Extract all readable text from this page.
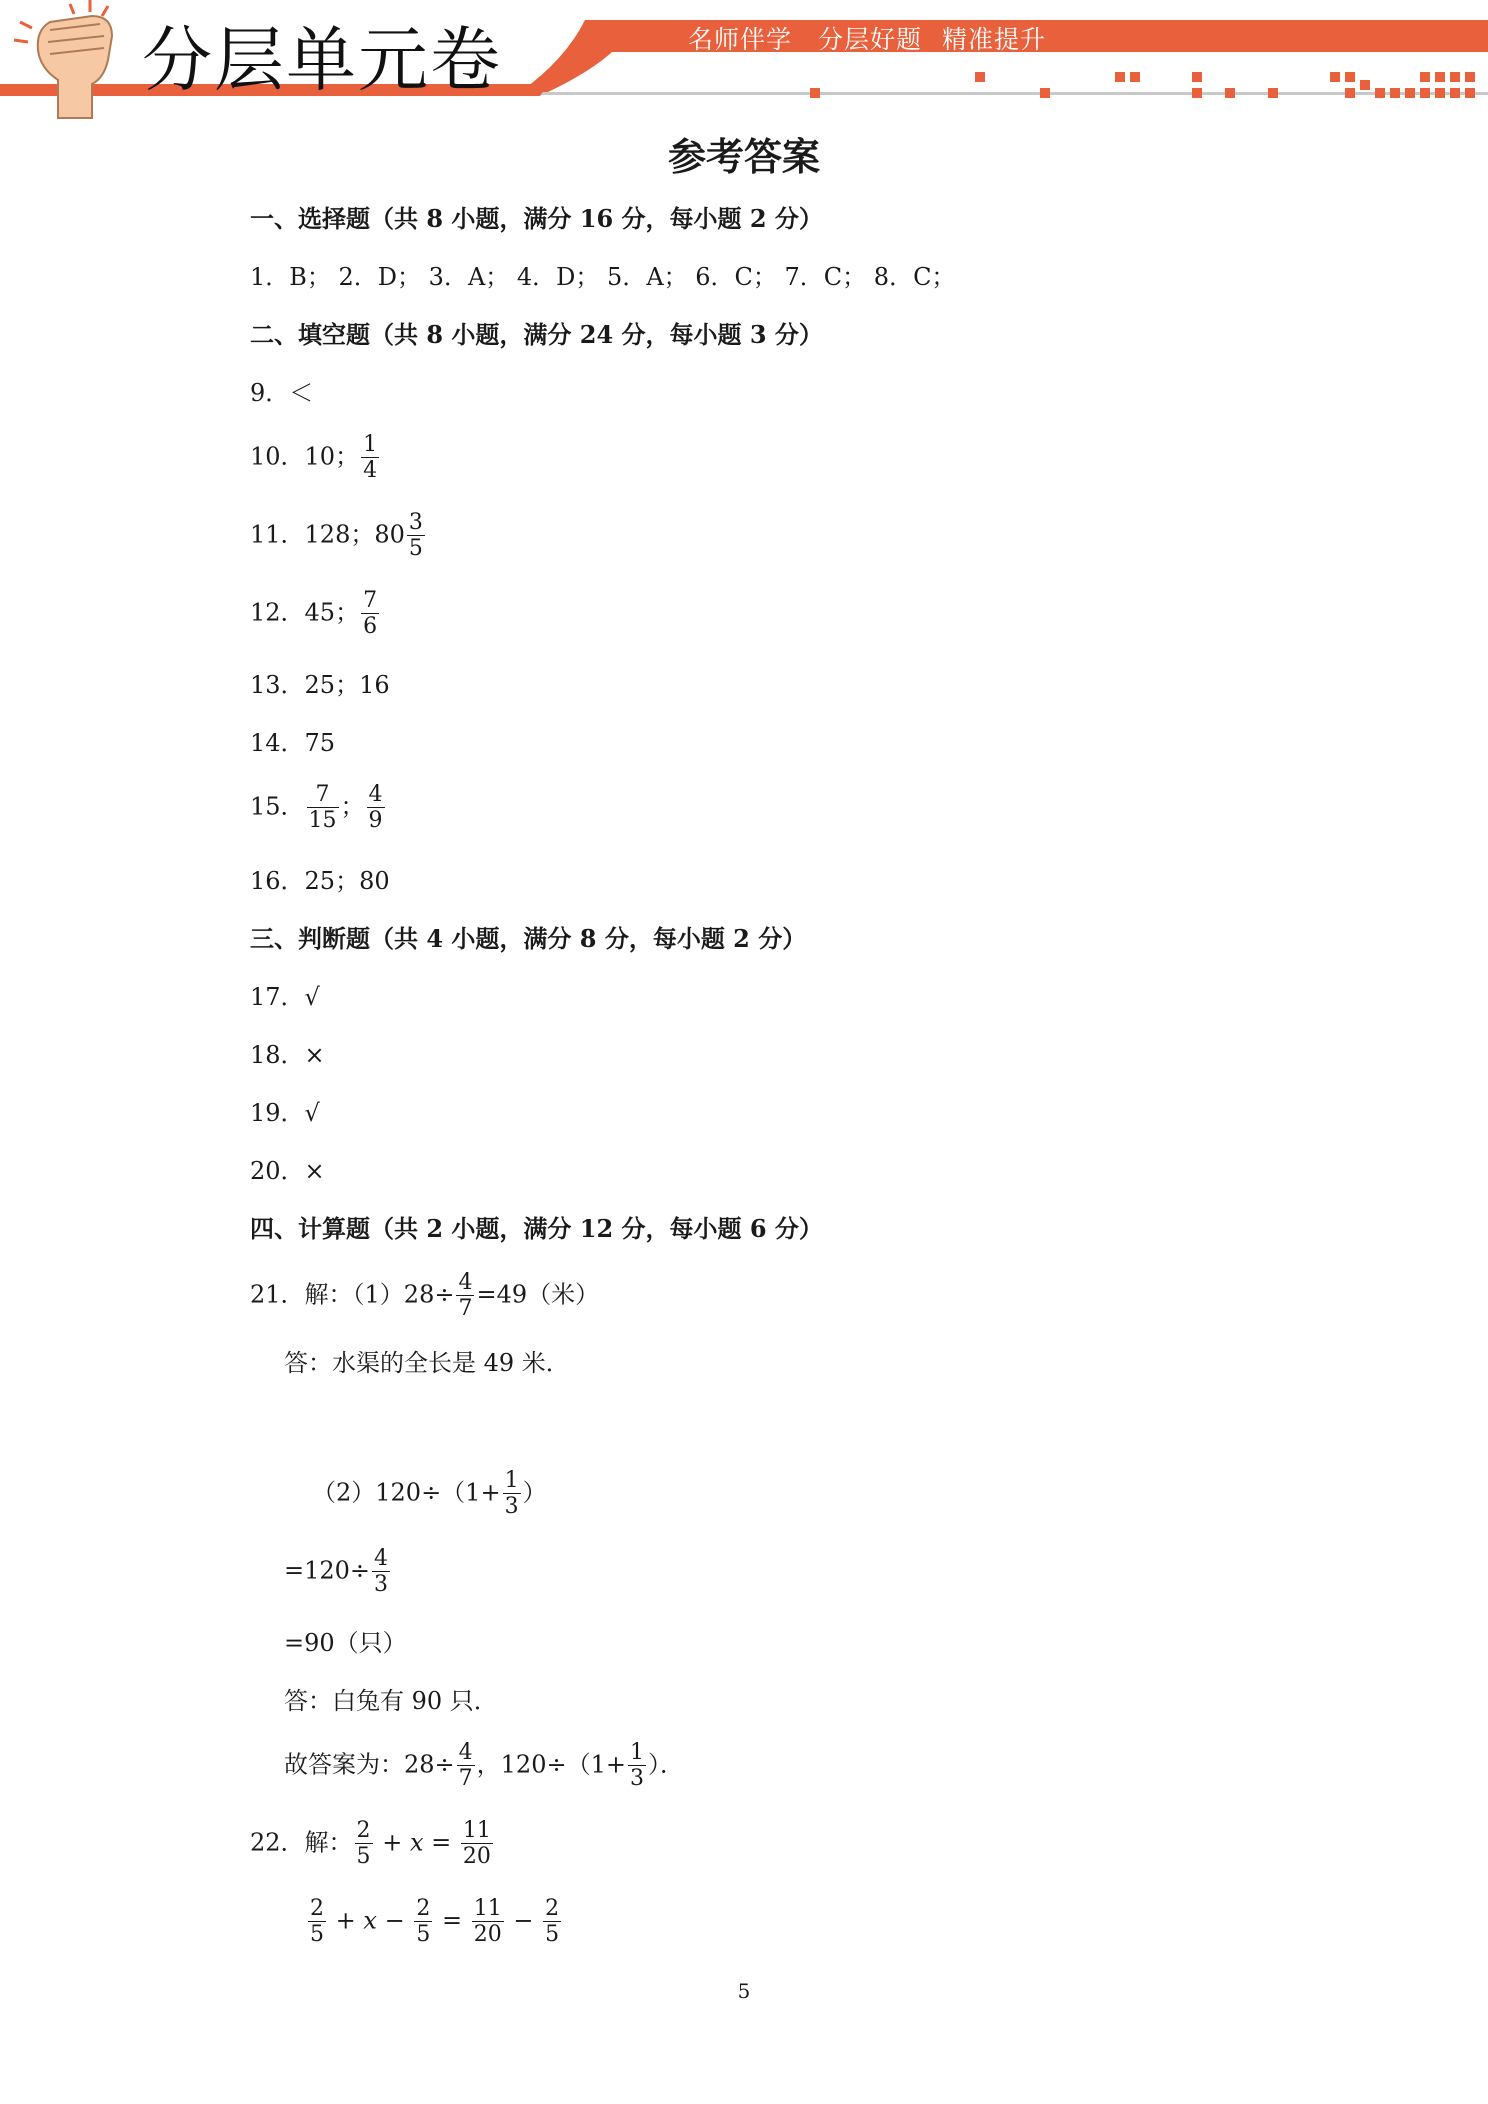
分层单元卷	名师伴学 分层好题 精准提升
参考答案
一、选择题（共 8 小题，满分 16 分，每小题 2 分）
1．B； 2．D； 3．A； 4．D； 5．A； 6．C； 7．C； 8．C；
二、填空题（共 8 小题，满分 24 分，每小题 3 分）
9．＜
10．10； $\frac{1}{4}$
11．128；$80 \frac{3}{5}$
12．45； $\frac{7}{6}$
13．25；16
14．75
15． $\frac{7}{15}$ ； $\frac{4}{9}$
16．25；80
三、判断题（共 4 小题，满分 8 分，每小题 2 分）
17．√
18．×
19．√
20．×
四、计算题（共 2 小题，满分 12 分，每小题 6 分）
21．解：$(1)28\div \frac{4}{7} =49$（米）
答：水渠的全长是 49 米．
$(2)120\div(1+ \frac{1}{3}$ ）
$=120\div \frac{4}{3}$
=90（只）
答：白兔有 90 只．
故答案为：$28\div \frac{4}{7}$ ，$120\div(1+ \frac{1}{3}$ ）．
22．解： $\frac{2}{5} + x = \frac{11}{20}$
$\frac{2}{5} + x - \frac{2}{5} = \frac{11}{20} - \frac{2}{5}$
5
